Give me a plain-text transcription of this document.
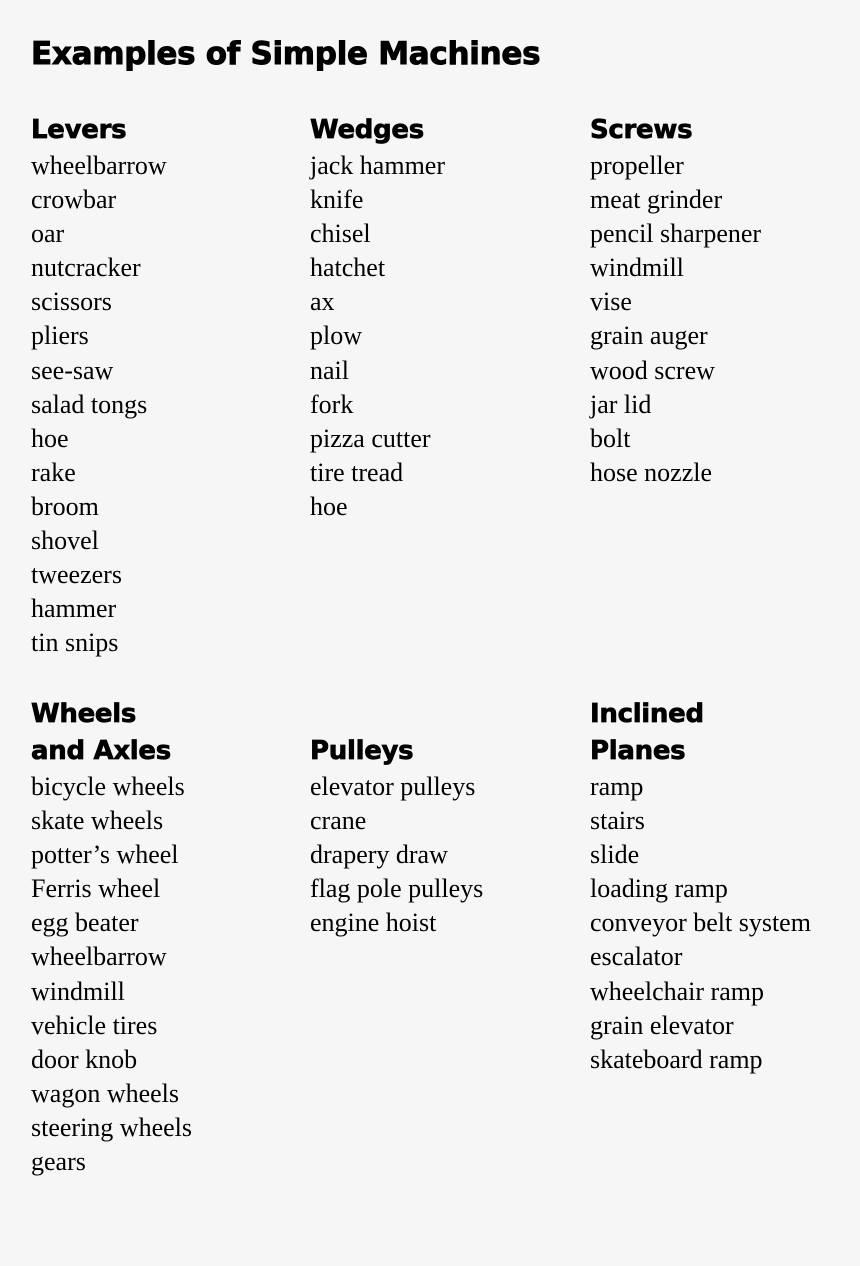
Examples of Simple Machines
Levers
wheelbarrow
crowbar
oar
nutcracker
scissors
pliers
see-saw
salad tongs
hoe
rake
broom
shovel
tweezers
hammer
tin snips
Wedges
jack hammer
knife
chisel
hatchet
ax
plow
nail
fork
pizza cutter
tire tread
hoe
Screws
propeller
meat grinder
pencil sharpener
windmill
vise
grain auger
wood screw
jar lid
bolt
hose nozzle
Wheels
and Axles
bicycle wheels
skate wheels
potter’s wheel
Ferris wheel
egg beater
wheelbarrow
windmill
vehicle tires
door knob
wagon wheels
steering wheels
gears
Pulleys
elevator pulleys
crane
drapery draw
flag pole pulleys
engine hoist
Inclined
Planes
ramp
stairs
slide
loading ramp
conveyor belt system
escalator
wheelchair ramp
grain elevator
skateboard ramp
